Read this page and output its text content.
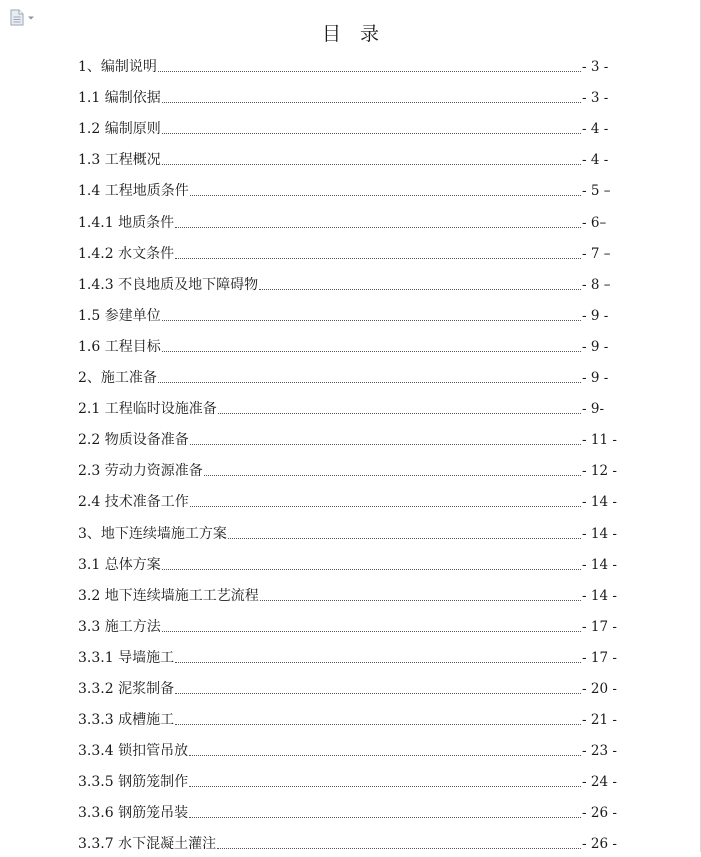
目　录
1、编制说明	- 3 -
1.1 编制依据	- 3 -
1.2 编制原则	- 4 -
1.3 工程概况	- 4 -
1.4 工程地质条件	- 5 –
1.4.1 地质条件	- 6–
1.4.2 水文条件	- 7 –
1.4.3 不良地质及地下障碍物	- 8 –
1.5 参建单位	- 9 -
1.6 工程目标	- 9 -
2、施工准备	- 9 -
2.1 工程临时设施准备	- 9-
2.2 物质设备准备	- 11 -
2.3 劳动力资源准备	- 12 -
2.4 技术准备工作	- 14 -
3、地下连续墙施工方案	- 14 -
3.1 总体方案	- 14 -
3.2 地下连续墙施工工艺流程	- 14 -
3.3 施工方法	- 17 -
3.3.1 导墙施工	- 17 -
3.3.2 泥浆制备	- 20 -
3.3.3 成槽施工	- 21 -
3.3.4 锁扣管吊放	- 23 -
3.3.5 钢筋笼制作	- 24 -
3.3.6 钢筋笼吊装	- 26 -
3.3.7 水下混凝土灌注	- 26 -
